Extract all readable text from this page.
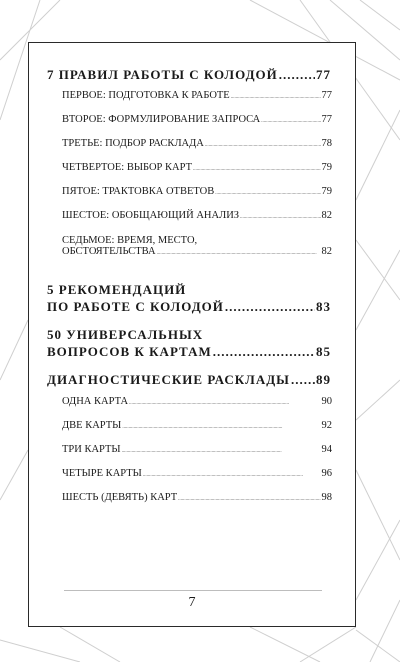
7 ПРАВИЛ РАБОТЫ С КОЛОДОЙ .....	77
ПЕРВОЕ: ПОДГОТОВКА К РАБОТЕ .....	77
ВТОРОЕ: ФОРМУЛИРОВАНИЕ ЗАПРОСА .....	77
ТРЕТЬЕ: ПОДБОР РАСКЛАДА .....	78
ЧЕТВЕРТОЕ: ВЫБОР КАРТ .....	79
ПЯТОЕ: ТРАКТОВКА ОТВЕТОВ .....	79
ШЕСТОЕ: ОБОБЩАЮЩИЙ АНАЛИЗ .....	82
СЕДЬМОЕ: ВРЕМЯ, МЕСТО,
ОБСТОЯТЕЛЬСТВА .....	82
5 РЕКОМЕНДАЦИЙ
ПО РАБОТЕ С КОЛОДОЙ .....	83
50 УНИВЕРСАЛЬНЫХ
ВОПРОСОВ К КАРТАМ .....	85
ДИАГНОСТИЧЕСКИЕ РАСКЛАДЫ ..... 89
ОДНА КАРТА .....	90
ДВЕ КАРТЫ .....	92
ТРИ КАРТЫ .....	94
ЧЕТЫРЕ КАРТЫ .....	96
ШЕСТЬ (ДЕВЯТЬ) КАРТ .....	98
7
